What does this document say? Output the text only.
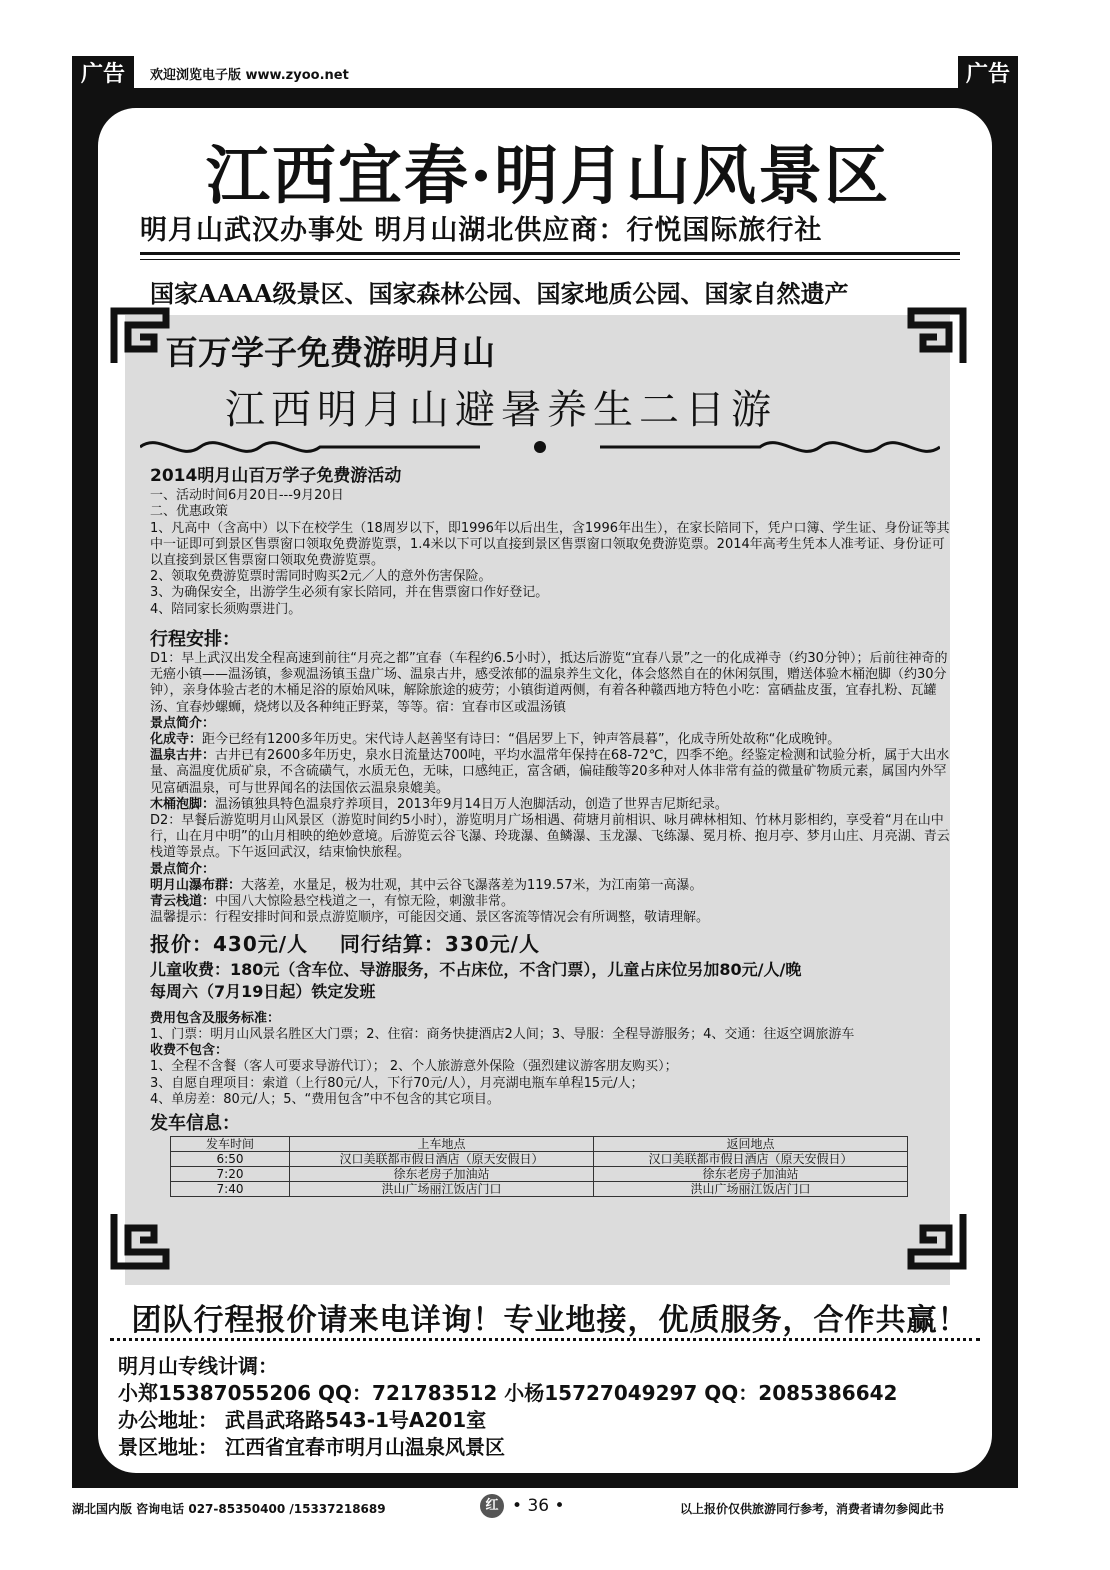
广告	欢迎浏览电子版 www.zyoo.net	广告
江西宜春·明月山风景区
明月山武汉办事处 明月山湖北供应商：行悦国际旅行社
国家AAAA级景区、国家森林公园、国家地质公园、国家自然遗产
百万学子免费游明月山
江西明月山避暑养生二日游

2014明月山百万学子免费游活动

一、活动时间6月20日---9月20日

二、优惠政策

1、凡高中（含高中）以下在校学生（18周岁以下，即1996年以后出生，含1996年出生），在家长陪同下，凭户口簿、学生证、身份证等其中一证即可到景区售票窗口领取免费游览票，1.4米以下可以直接到景区售票窗口领取免费游览票。2014年高考生凭本人准考证、身份证可以直接到景区售票窗口领取免费游览票。

2、领取免费游览票时需同时购买2元／人的意外伤害保险。

3、为确保安全，出游学生必须有家长陪同，并在售票窗口作好登记。

4、陪同家长须购票进门。

行程安排：

D1：早上武汉出发全程高速到前往“月亮之都”宜春（车程约6.5小时），抵达后游览“宜春八景”之一的化成禅寺（约30分钟）；后前往神奇的无癌小镇——温汤镇，参观温汤镇玉盘广场、温泉古井，感受浓郁的温泉养生文化，体会悠然自在的休闲氛围，赠送体验木桶泡脚（约30分钟），亲身体验古老的木桶足浴的原始风味，解除旅途的疲劳；小镇街道两侧，有着各种赣西地方特色小吃：富硒盐皮蛋，宜春扎粉、瓦罐汤、宜春炒螺蛳，烧烤以及各种纯正野菜，等等。宿：宜春市区或温汤镇

景点简介：

化成寺：距今已经有1200多年历史。宋代诗人赵善坚有诗曰：“倡居罗上下，钟声答晨暮”，化成寺所处故称“化成晚钟。

温泉古井：古井已有2600多年历史，泉水日流量达700吨，平均水温常年保持在68-72℃，四季不绝。经鉴定检测和试验分析，属于大出水量、高温度优质矿泉，不含硫磺气，水质无色，无味，口感纯正，富含硒，偏硅酸等20多种对人体非常有益的微量矿物质元素，属国内外罕见富硒温泉，可与世界闻名的法国依云温泉泉媲美。

木桶泡脚：温汤镇独具特色温泉疗养项目，2013年9月14日万人泡脚活动，创造了世界吉尼斯纪录。

D2：早餐后游览明月山风景区（游览时间约5小时），游览明月广场相遇、荷塘月前相识、咏月碑林相知、竹林月影相约，享受着“月在山中行，山在月中明”的山月相映的绝妙意境。后游览云谷飞瀑、玲珑瀑、鱼鳞瀑、玉龙瀑、飞练瀑、冕月桥、抱月亭、梦月山庄、月亮湖、青云栈道等景点。下午返回武汉，结束愉快旅程。

景点简介：

明月山瀑布群：大落差，水量足，极为壮观，其中云谷飞瀑落差为119.57米，为江南第一高瀑。

青云栈道：中国八大惊险悬空栈道之一，有惊无险，刺激非常。

温馨提示：行程安排时间和景点游览顺序，可能因交通、景区客流等情况会有所调整，敬请理解。

报价：430元/人 同行结算：330元/人

儿童收费：180元（含车位、导游服务，不占床位，不含门票），儿童占床位另加80元/人/晚

每周六（7月19日起）铁定发班

费用包含及服务标准：

1、门票：明月山风景名胜区大门票；2、住宿：商务快捷酒店2人间；3、导服：全程导游服务；4、交通：往返空调旅游车

收费不包含：

1、全程不含餐（客人可要求导游代订）； 2、个人旅游意外保险（强烈建议游客朋友购买）；

3、自愿自理项目：索道（上行80元/人，下行70元/人），月亮湖电瓶车单程15元/人；

4、单房差：80元/人；5、“费用包含”中不包含的其它项目。

发车信息：

发车时间	上车地点	返回地点
6:50	汉口美联都市假日酒店（原天安假日）	汉口美联都市假日酒店（原天安假日）
7:20	徐东老房子加油站	徐东老房子加油站
7:40	洪山广场丽江饭店门口	洪山广场丽江饭店门口
团队行程报价请来电详询！专业地接，优质服务，合作共赢！
明月山专线计调：
小郑15387055206 QQ：721783512 小杨15727049297 QQ：2085386642
办公地址： 武昌武珞路543-1号A201室
景区地址： 江西省宜春市明月山温泉风景区
湖北国内版 咨询电话 027-85350400 /15337218689	红 • 36 •	以上报价仅供旅游同行参考，消费者请勿参阅此书
